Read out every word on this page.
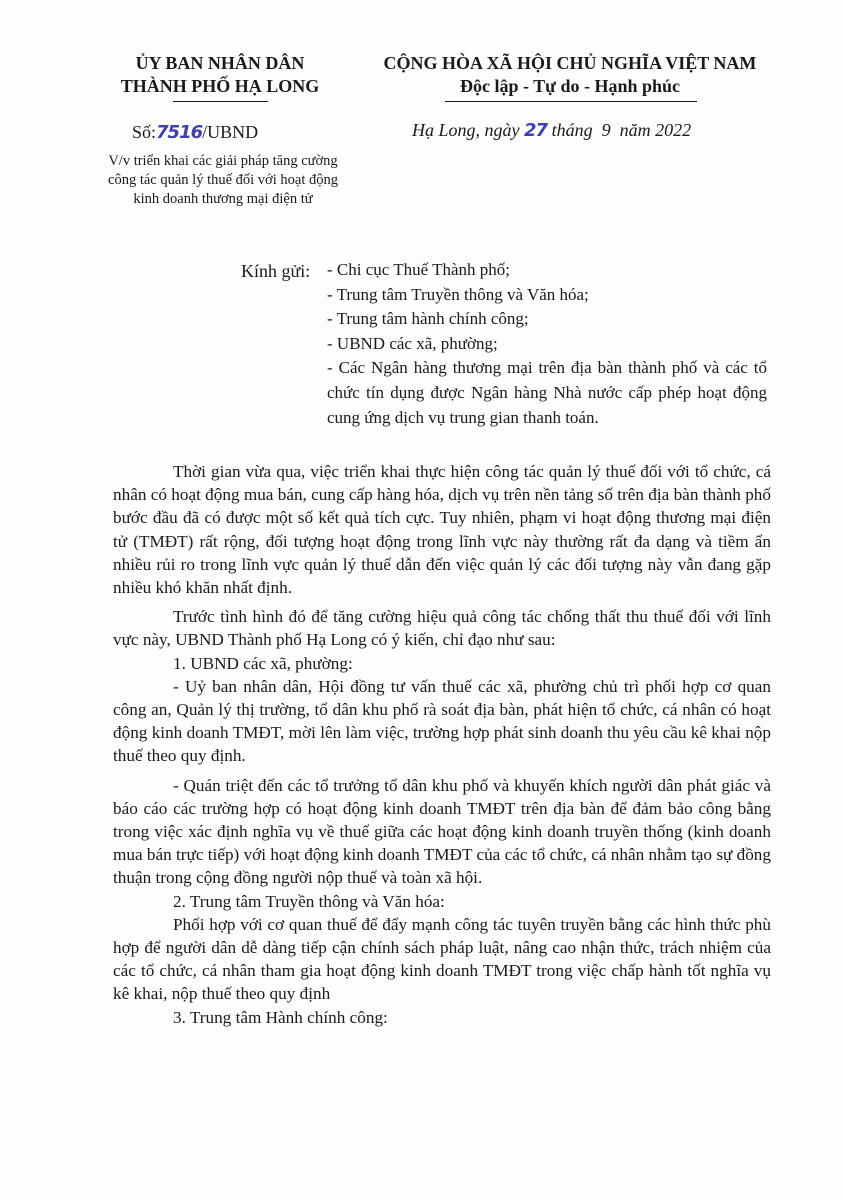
ỦY BAN NHÂN DÂN
THÀNH PHỐ HẠ LONG
CỘNG HÒA XÃ HỘI CHỦ NGHĨA VIỆT NAM
Độc lập - Tự do - Hạnh phúc
Số:7516/UBND	Hạ Long, ngày 27 tháng  9  năm 2022
V/v triển khai các giải pháp tăng cường công tác quản lý thuế đối với hoạt động kinh doanh thương mại điện tử
Kính gửi: - Chi cục Thuế Thành phố;

- Trung tâm Truyền thông và Văn hóa;

- Trung tâm hành chính công;

- UBND các xã, phường;

- Các Ngân hàng thương mại trên địa bàn thành phố và các tổ chức tín dụng được Ngân hàng Nhà nước cấp phép hoạt động cung ứng dịch vụ trung gian thanh toán.

Thời gian vừa qua, việc triển khai thực hiện công tác quản lý thuế đối với tổ chức, cá nhân có hoạt động mua bán, cung cấp hàng hóa, dịch vụ trên nền tảng số trên địa bàn thành phố bước đầu đã có được một số kết quả tích cực. Tuy nhiên, phạm vi hoạt động thương mại điện tử (TMĐT) rất rộng, đối tượng hoạt động trong lĩnh vực này thường rất đa dạng và tiềm ẩn nhiều rủi ro trong lĩnh vực quản lý thuế dẫn đến việc quản lý các đối tượng này vẫn đang gặp nhiều khó khăn nhất định.

Trước tình hình đó để tăng cường hiệu quả công tác chống thất thu thuế đối với lĩnh vực này, UBND Thành phố Hạ Long có ý kiến, chỉ đạo như sau:

1. UBND các xã, phường:

- Uỷ ban nhân dân, Hội đồng tư vấn thuế các xã, phường chủ trì phối hợp cơ quan công an, Quản lý thị trường, tổ dân khu phố rà soát địa bàn, phát hiện tổ chức, cá nhân có hoạt động kinh doanh TMĐT, mời lên làm việc, trường hợp phát sinh doanh thu yêu cầu kê khai nộp thuế theo quy định.

- Quán triệt đến các tổ trưởng tổ dân khu phố và khuyến khích người dân phát giác và báo cáo các trường hợp có hoạt động kinh doanh TMĐT trên địa bàn để đảm bảo công bằng trong việc xác định nghĩa vụ về thuế giữa các hoạt động kinh doanh truyền thống (kinh doanh mua bán trực tiếp) với hoạt động kinh doanh TMĐT của các tổ chức, cá nhân nhằm tạo sự đồng thuận trong cộng đồng người nộp thuế và toàn xã hội.

2. Trung tâm Truyền thông và Văn hóa:

Phối hợp với cơ quan thuế để đẩy mạnh công tác tuyên truyền bằng các hình thức phù hợp để người dân dễ dàng tiếp cận chính sách pháp luật, nâng cao nhận thức, trách nhiệm của các tổ chức, cá nhân tham gia hoạt động kinh doanh TMĐT trong việc chấp hành tốt nghĩa vụ kê khai, nộp thuế theo quy định

3. Trung tâm Hành chính công:
